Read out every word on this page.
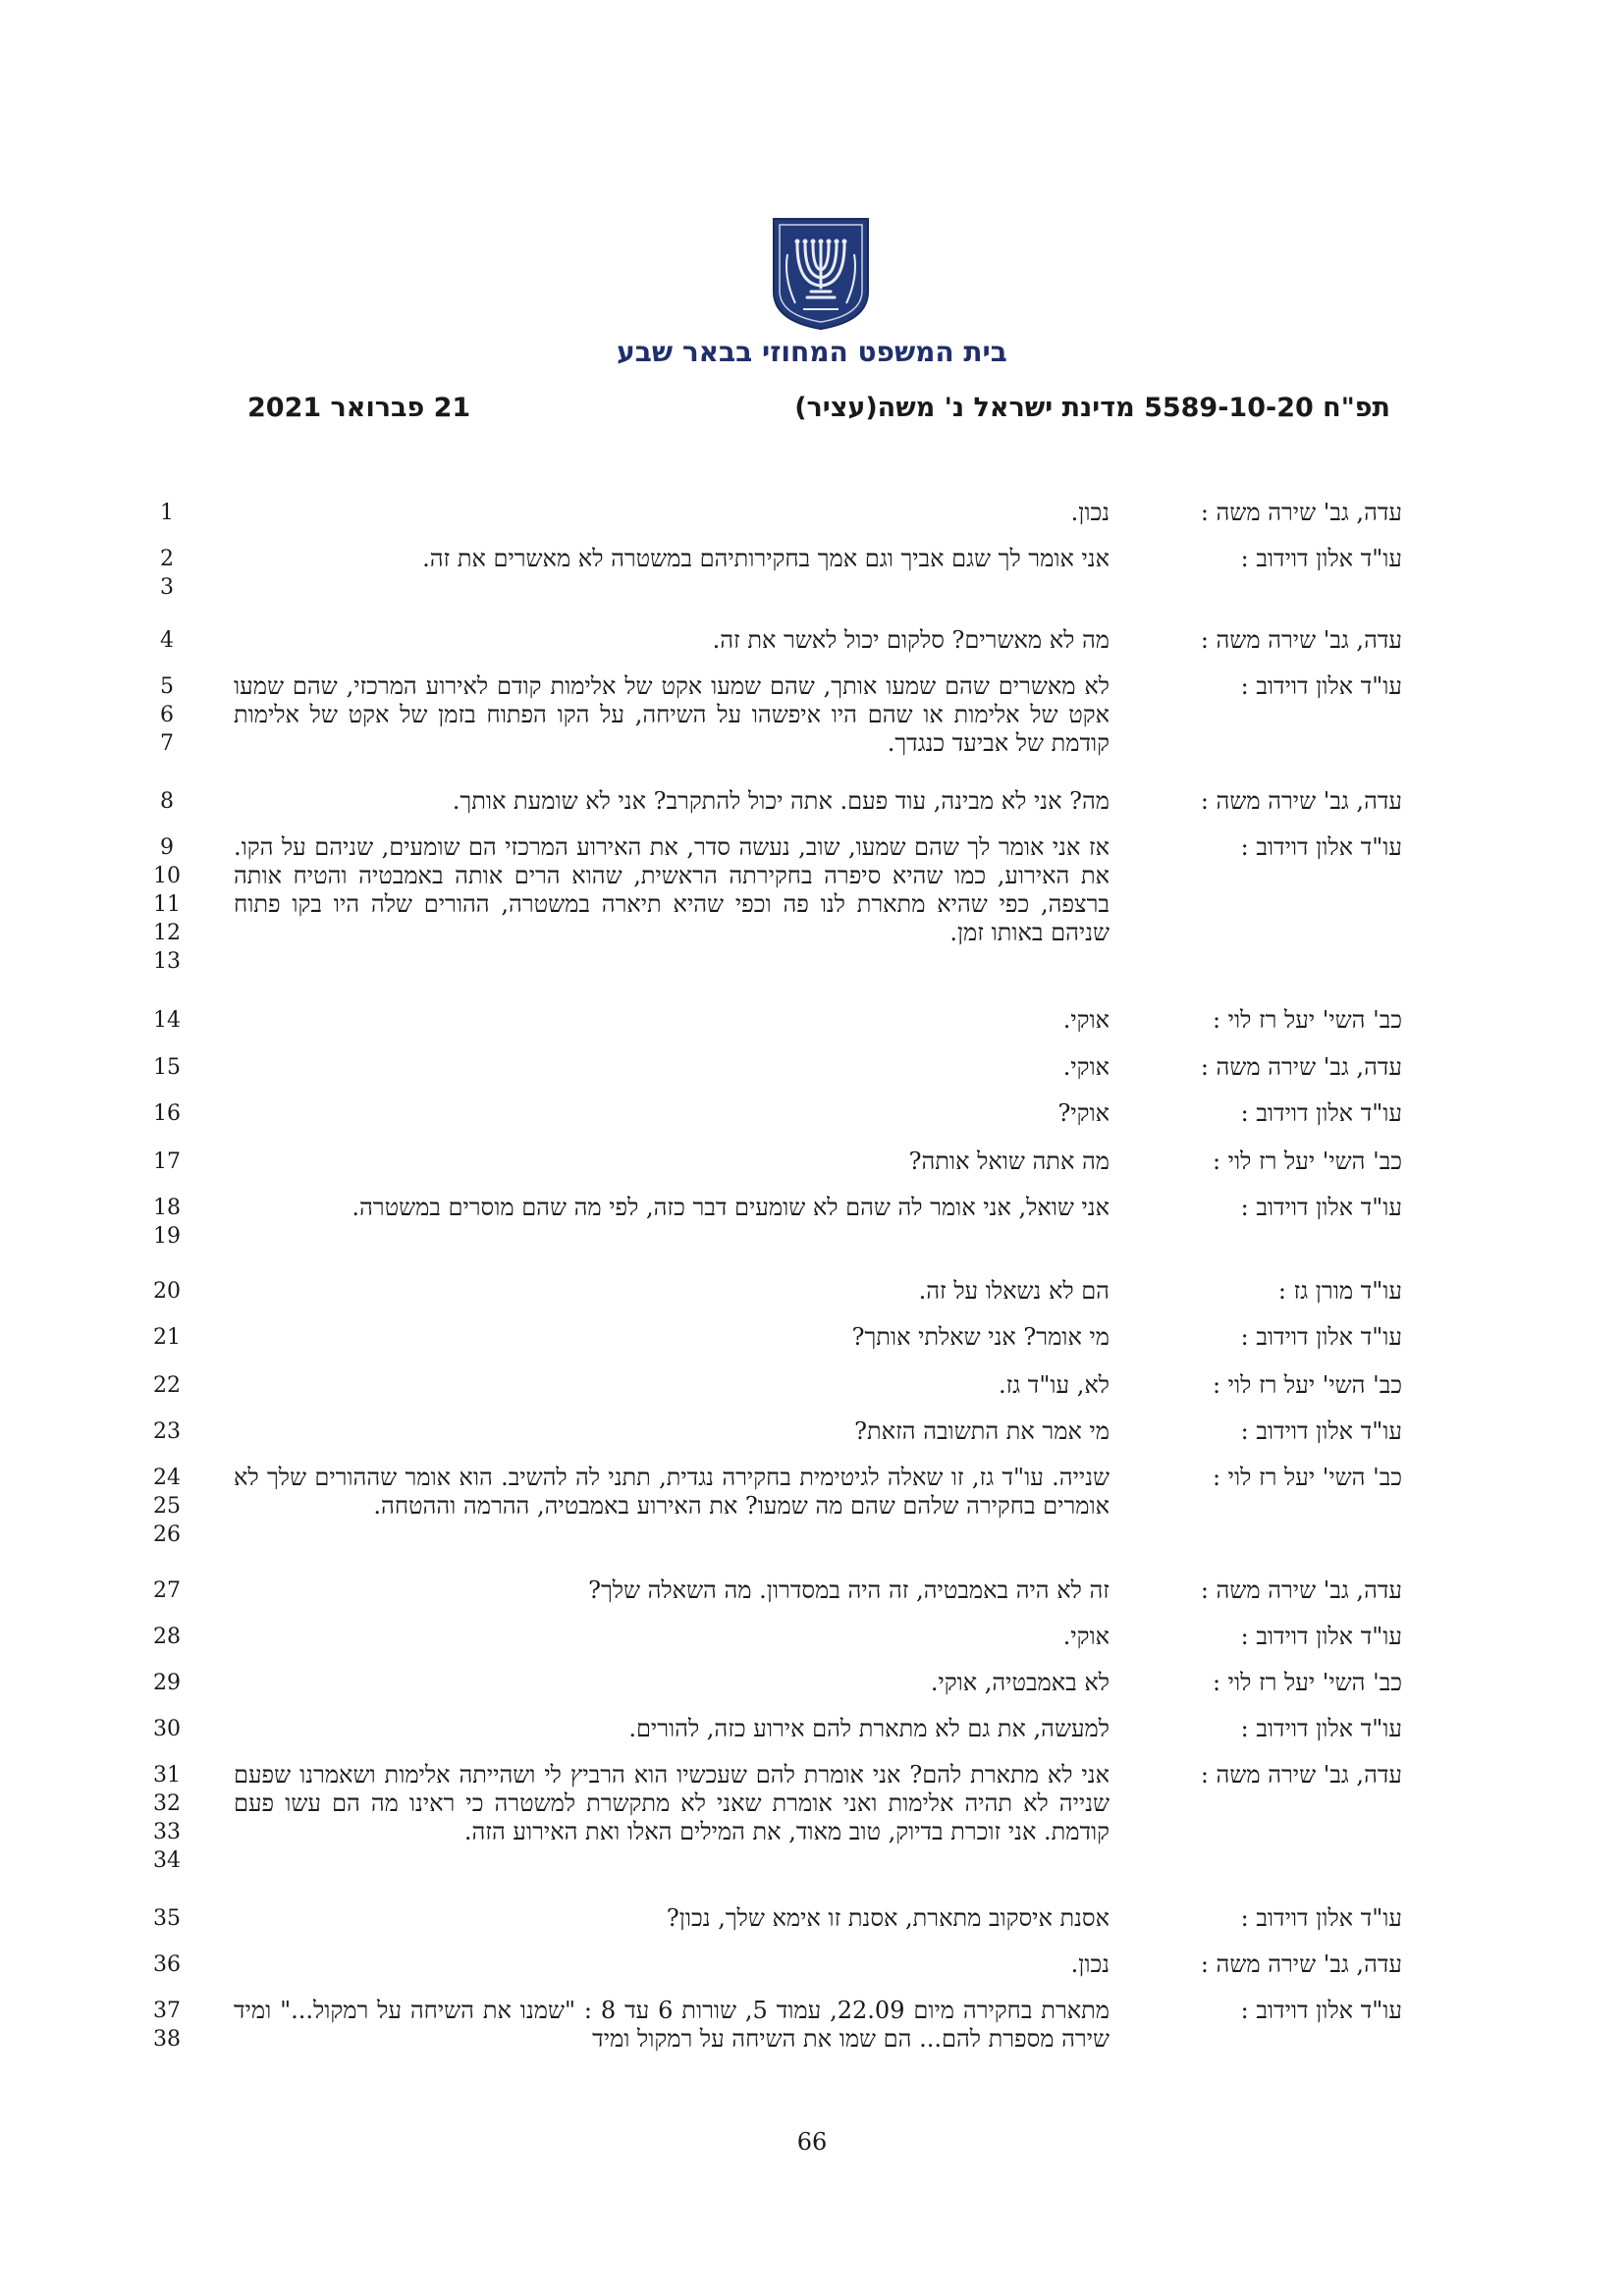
בית המשפט המחוזי בבאר שבע
תפ"ח 5589-10-20 מדינת ישראל נ' משה(עציר)
21 פברואר 2021
עדה, גב' שירה משה :
נכון.
1
עו"ד אלון דוידוב :
אני אומר לך שגם אביך וגם אמך בחקירותיהם במשטרה לא מאשרים את זה.
2
3
עדה, גב' שירה משה :
מה לא מאשרים? סלקום יכול לאשר את זה.
4
עו"ד אלון דוידוב :
לא מאשרים שהם שמעו אותך, שהם שמעו אקט של אלימות קודם לאירוע המרכזי, שהם שמעו אקט של אלימות או שהם היו איפשהו על השיחה, על הקו הפתוח בזמן של אקט של אלימות קודמת של אביעד כנגדך.
5
6
7
עדה, גב' שירה משה :
מה? אני לא מבינה, עוד פעם. אתה יכול להתקרב? אני לא שומעת אותך.
8
עו"ד אלון דוידוב :
אז אני אומר לך שהם שמעו, שוב, נעשה סדר, את האירוע המרכזי הם שומעים, שניהם על הקו. את האירוע, כמו שהיא סיפרה בחקירתה הראשית, שהוא הרים אותה באמבטיה והטיח אותה ברצפה, כפי שהיא מתארת לנו פה וכפי שהיא תיארה במשטרה, ההורים שלה היו בקו פתוח שניהם באותו זמן.
9
10
11
12
13
כב' השי' יעל רז לוי :
אוקי.
14
עדה, גב' שירה משה :
אוקי.
15
עו"ד אלון דוידוב :
אוקי?
16
כב' השי' יעל רז לוי :
מה אתה שואל אותה?
17
עו"ד אלון דוידוב :
אני שואל, אני אומר לה שהם לא שומעים דבר כזה, לפי מה שהם מוסרים במשטרה.
18
19
עו"ד מורן גז :
הם לא נשאלו על זה.
20
עו"ד אלון דוידוב :
מי אומר? אני שאלתי אותך?
21
כב' השי' יעל רז לוי :
לא, עו"ד גז.
22
עו"ד אלון דוידוב :
מי אמר את התשובה הזאת?
23
כב' השי' יעל רז לוי :
שנייה. עו"ד גז, זו שאלה לגיטימית בחקירה נגדית, תתני לה להשיב. הוא אומר שההורים שלך לא אומרים בחקירה שלהם שהם מה שמעו? את האירוע באמבטיה, ההרמה וההטחה.
24
25
26
עדה, גב' שירה משה :
זה לא היה באמבטיה, זה היה במסדרון. מה השאלה שלך?
27
עו"ד אלון דוידוב :
אוקי.
28
כב' השי' יעל רז לוי :
לא באמבטיה, אוקי.
29
עו"ד אלון דוידוב :
למעשה, את גם לא מתארת להם אירוע כזה, להורים.
30
עדה, גב' שירה משה :
אני לא מתארת להם? אני אומרת להם שעכשיו הוא הרביץ לי ושהייתה אלימות ושאמרנו שפעם שנייה לא תהיה אלימות ואני אומרת שאני לא מתקשרת למשטרה כי ראינו מה הם עשו פעם קודמת. אני זוכרת בדיוק, טוב מאוד, את המילים האלו ואת האירוע הזה.
31
32
33
34
עו"ד אלון דוידוב :
אסנת איסקוב מתארת, אסנת זו אימא שלך, נכון?
35
עדה, גב' שירה משה :
נכון.
36
עו"ד אלון דוידוב :
מתארת בחקירה מיום 22.09, עמוד 5, שורות 6 עד 8 : "שמנו את השיחה על רמקול..." ומיד שירה מספרת להם... הם שמו את השיחה על רמקול ומיד
37
38
66
